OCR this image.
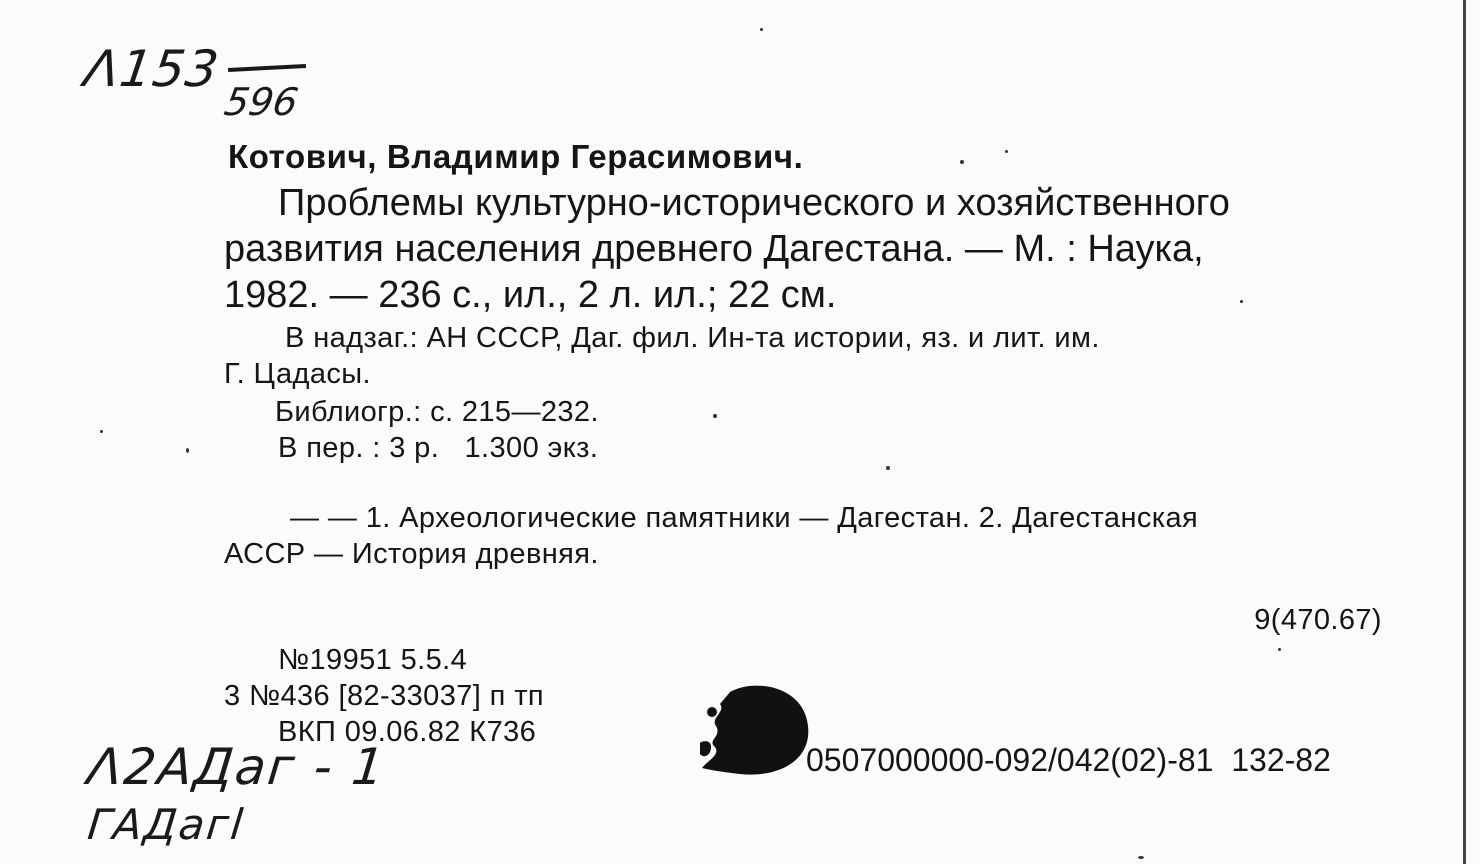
Λ153
596
Котович, Владимир Герасимович.
Проблемы культурно-исторического и хозяйственного
развития населения древнего Дагестана. — М. : Наука,
1982. — 236 с., ил., 2 л. ил.; 22 см.
В надзаг.: АН СССР, Даг. фил. Ин-та истории, яз. и лит. им.
Г. Цадасы.
Библиогр.: с. 215—232.
В пер. : 3 р.   1.300 экз.
— — 1. Археологические памятники — Дагестан. 2. Дагестанская
АССР — История древняя.
9(470.67)
№19951 5.5.4
3 №436 [82-33037] п тп
ВКП 09.06.82 К736
0507000000-092/042(02)-81  132-82
Λ2АДаг - 1
ГАДагl
